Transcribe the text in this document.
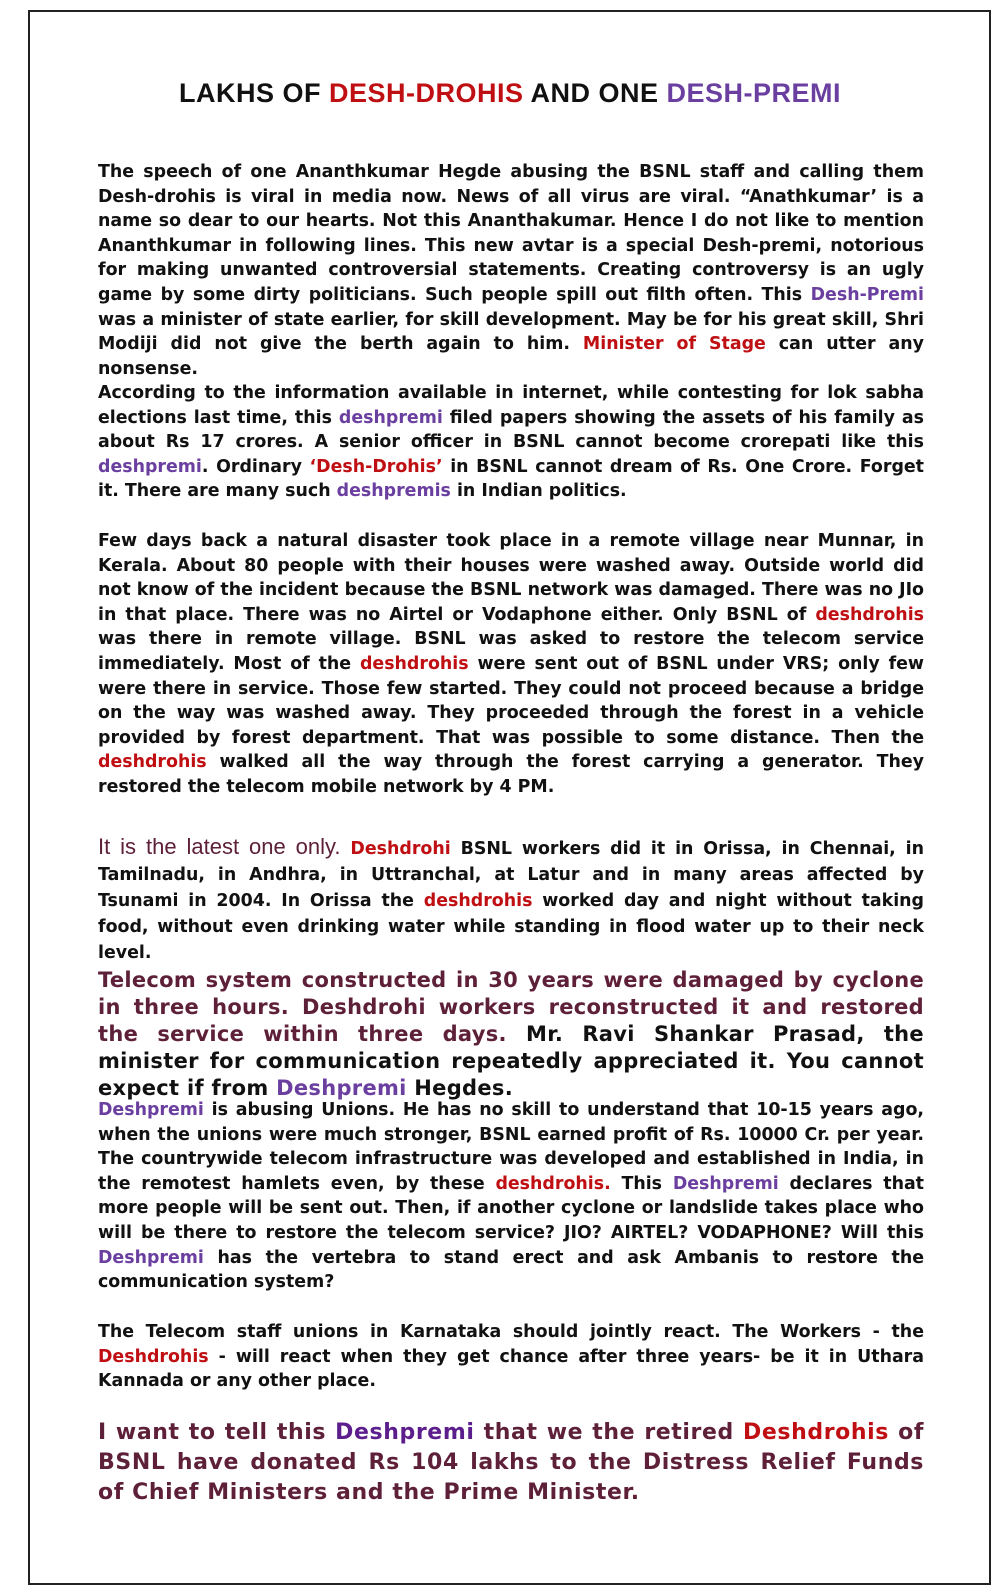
LAKHS OF DESH-DROHIS AND ONE DESH-PREMI

The speech of one Ananthkumar Hegde abusing the BSNL staff and calling them Desh-drohis is viral in media now. News of all virus are viral. “Anathkumar’ is a name so dear to our hearts. Not this Ananthakumar. Hence I do not like to mention Ananthkumar in following lines. This new avtar is a special Desh-premi, notorious for making unwanted controversial statements. Creating controversy is an ugly game by some dirty politicians. Such people spill out filth often. This Desh-Premi was a minister of state earlier, for skill development. May be for his great skill, Shri Modiji did not give the berth again to him. Minister of Stage can utter any nonsense.

According to the information available in internet, while contesting for lok sabha elections last time, this deshpremi filed papers showing the assets of his family as about Rs 17 crores. A senior officer in BSNL cannot become crorepati like this deshpremi. Ordinary ‘Desh-Drohis’ in BSNL cannot dream of Rs. One Crore. Forget it. There are many such deshpremis in Indian politics.

Few days back a natural disaster took place in a remote village near Munnar, in Kerala. About 80 people with their houses were washed away. Outside world did not know of the incident because the BSNL network was damaged. There was no JIo in that place. There was no Airtel or Vodaphone either. Only BSNL of deshdrohis was there in remote village. BSNL was asked to restore the telecom service immediately. Most of the deshdrohis were sent out of BSNL under VRS; only few were there in service. Those few started. They could not proceed because a bridge on the way was washed away. They proceeded through the forest in a vehicle provided by forest department. That was possible to some distance. Then the deshdrohis walked all the way through the forest carrying a generator. They restored the telecom mobile network by 4 PM.

It is the latest one only. Deshdrohi BSNL workers did it in Orissa, in Chennai, in Tamilnadu, in Andhra, in Uttranchal, at Latur and in many areas affected by Tsunami in 2004. In Orissa the deshdrohis worked day and night without taking food, without even drinking water while standing in flood water up to their neck level.

Telecom system constructed in 30 years were damaged by cyclone in three hours. Deshdrohi workers reconstructed it and restored the service within three days. Mr. Ravi Shankar Prasad, the minister for communication repeatedly appreciated it. You cannot expect if from Deshpremi Hegdes.

Deshpremi is abusing Unions. He has no skill to understand that 10-15 years ago, when the unions were much stronger, BSNL earned profit of Rs. 10000 Cr. per year. The countrywide telecom infrastructure was developed and established in India, in the remotest hamlets even, by these deshdrohis. This Deshpremi declares that more people will be sent out. Then, if another cyclone or landslide takes place who will be there to restore the telecom service? JIO? AIRTEL? VODAPHONE? Will this Deshpremi has the vertebra to stand erect and ask Ambanis to restore the communication system?

The Telecom staff unions in Karnataka should jointly react. The Workers - the Deshdrohis - will react when they get chance after three years- be it in Uthara Kannada or any other place.

I want to tell this Deshpremi that we the retired Deshdrohis of BSNL have donated Rs 104 lakhs to the Distress Relief Funds of Chief Ministers and the Prime Minister.
